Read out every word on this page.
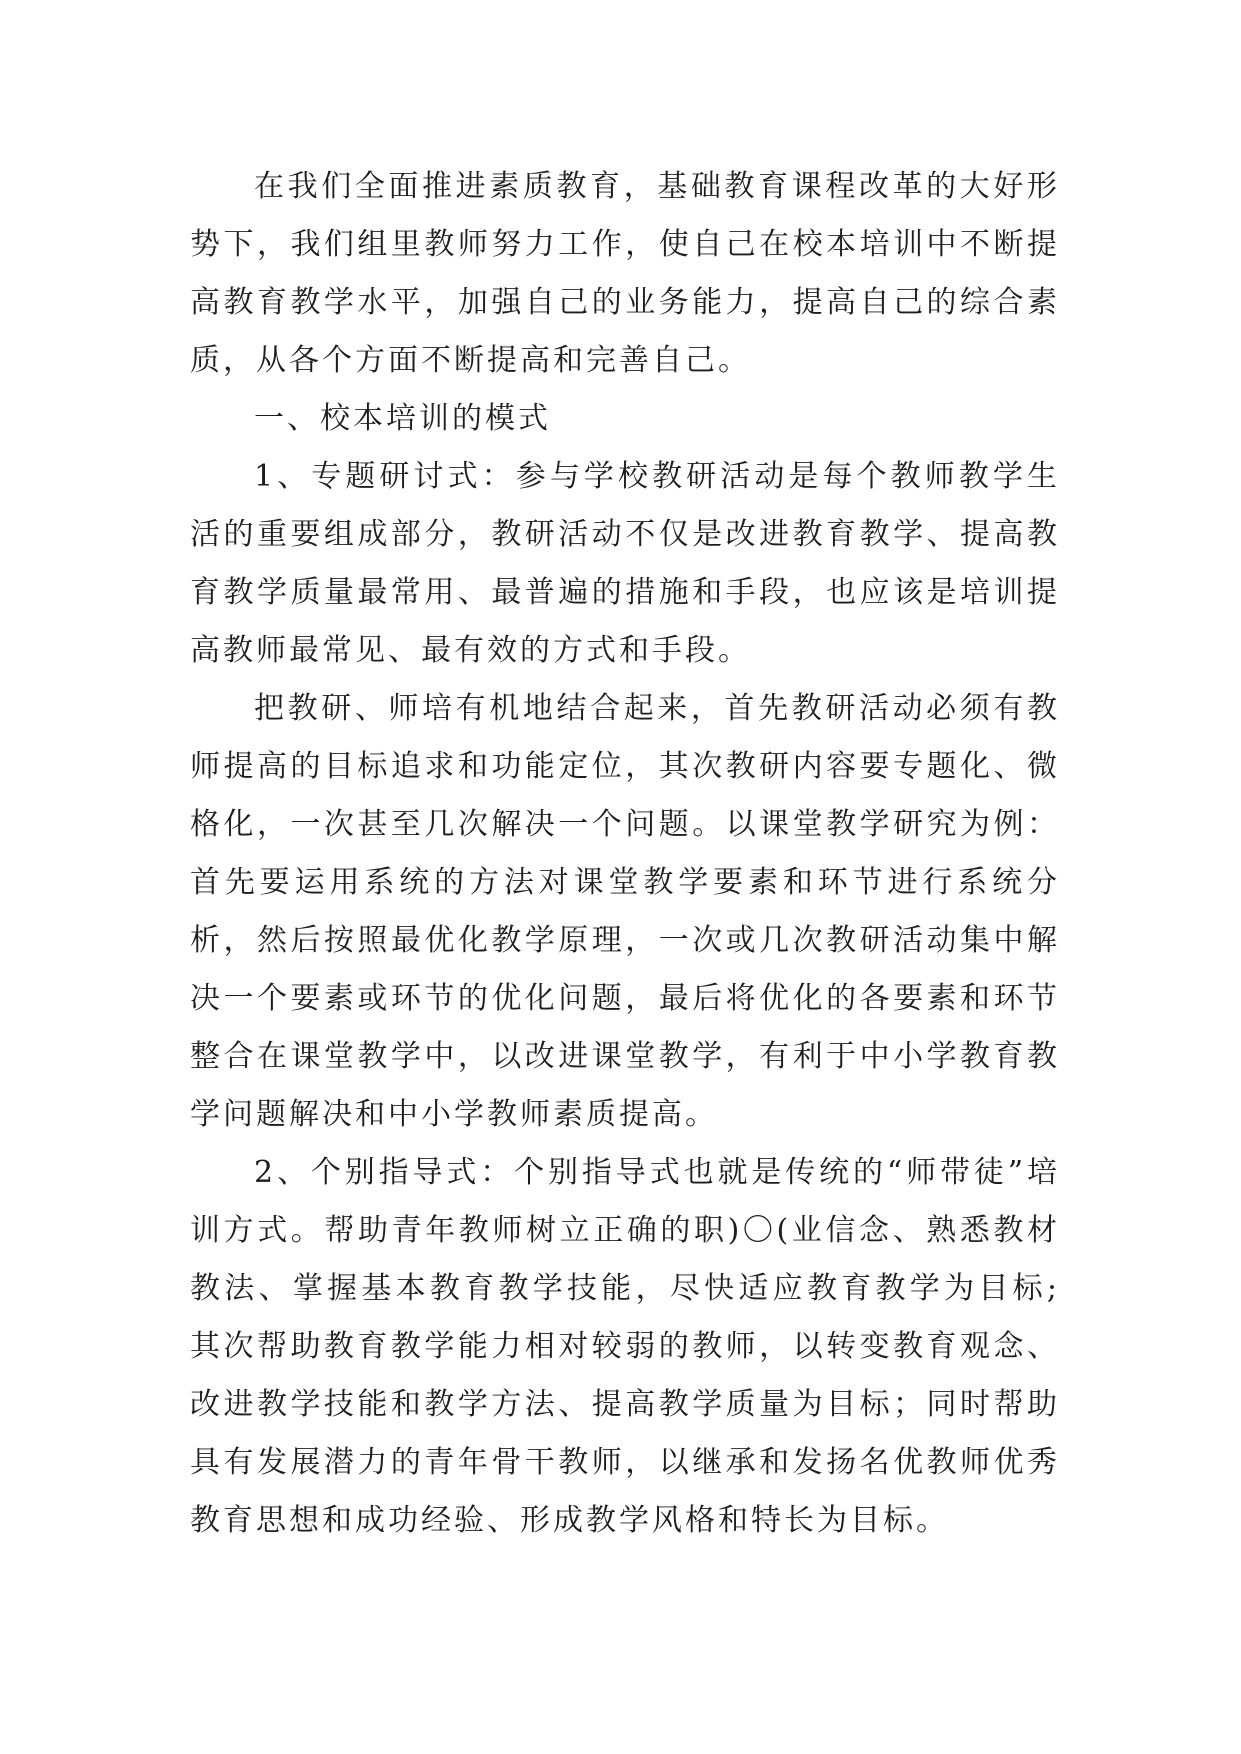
在我们全面推进素质教育，基础教育课程改革的大好形势下，我们组里教师努力工作，使自己在校本培训中不断提高教育教学水平，加强自己的业务能力，提高自己的综合素质，从各个方面不断提高和完善自己。

一、校本培训的模式

1、专题研讨式：参与学校教研活动是每个教师教学生活的重要组成部分，教研活动不仅是改进教育教学、提高教育教学质量最常用、最普遍的措施和手段，也应该是培训提高教师最常见、最有效的方式和手段。

把教研、师培有机地结合起来，首先教研活动必须有教师提高的目标追求和功能定位，其次教研内容要专题化、微格化，一次甚至几次解决一个问题。以课堂教学研究为例：首先要运用系统的方法对课堂教学要素和环节进行系统分析，然后按照最优化教学原理，一次或几次教研活动集中解决一个要素或环节的优化问题，最后将优化的各要素和环节整合在课堂教学中，以改进课堂教学，有利于中小学教育教学问题解决和中小学教师素质提高。

2、个别指导式：个别指导式也就是传统的“师带徒”培训方式。帮助青年教师树立正确的职)〇(业信念、熟悉教材教法、掌握基本教育教学技能，尽快适应教育教学为目标;其次帮助教育教学能力相对较弱的教师，以转变教育观念、改进教学技能和教学方法、提高教学质量为目标；同时帮助具有发展潜力的青年骨干教师，以继承和发扬名优教师优秀教育思想和成功经验、形成教学风格和特长为目标。
